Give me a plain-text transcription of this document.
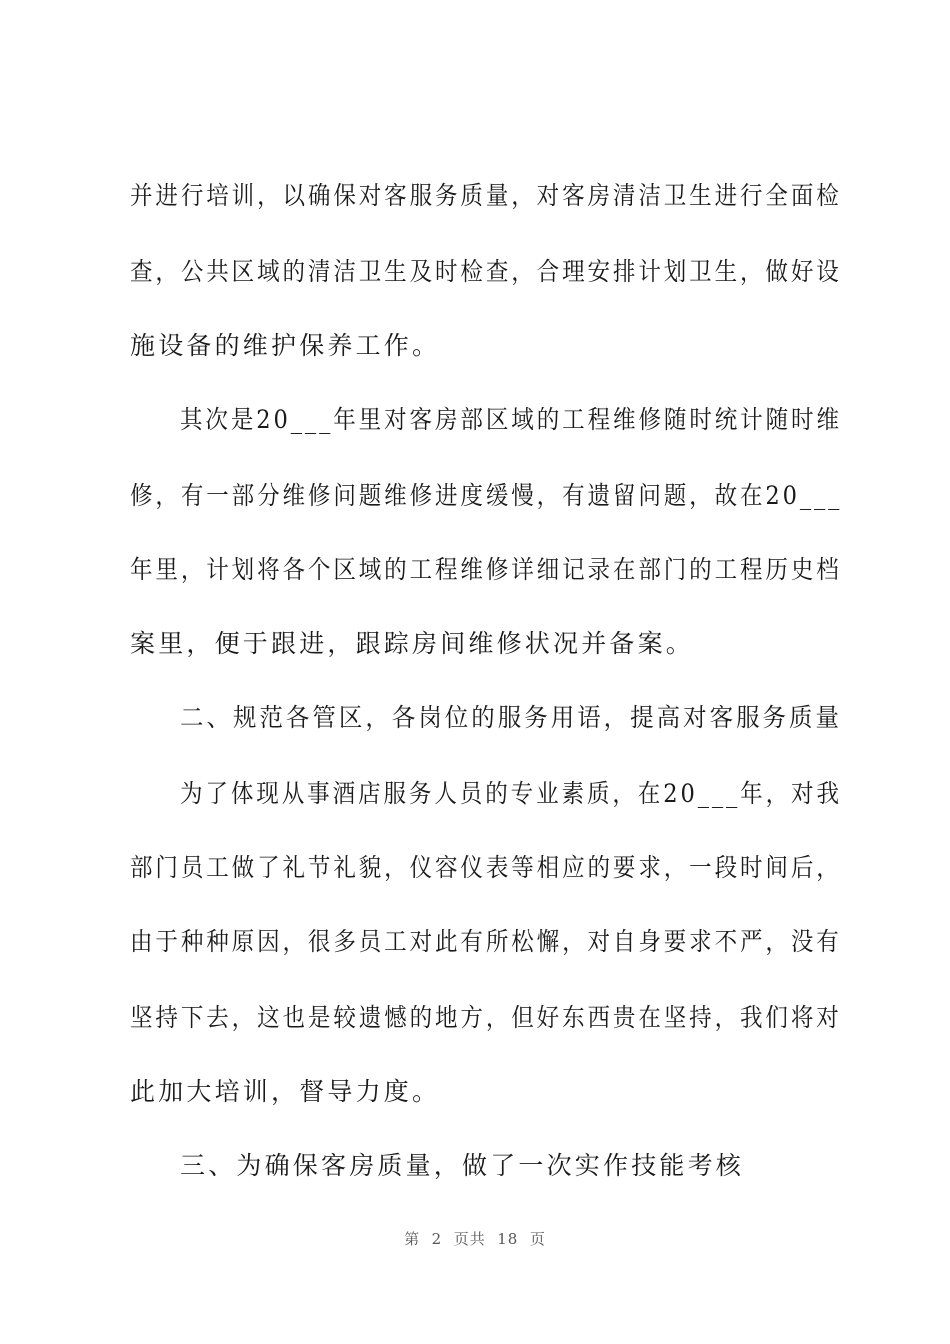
并进行培训，以确保对客服务质量，对客房清洁卫生进行全面检
查，公共区域的清洁卫生及时检查，合理安排计划卫生，做好设
施设备的维护保养工作。
其次是20___年里对客房部区域的工程维修随时统计随时维
修，有一部分维修问题维修进度缓慢，有遗留问题，故在20___
年里，计划将各个区域的工程维修详细记录在部门的工程历史档
案里，便于跟进，跟踪房间维修状况并备案。
二、规范各管区，各岗位的服务用语，提高对客服务质量
为了体现从事酒店服务人员的专业素质，在20___年，对我
部门员工做了礼节礼貌，仪容仪表等相应的要求，一段时间后，
由于种种原因，很多员工对此有所松懈，对自身要求不严，没有
坚持下去，这也是较遗憾的地方，但好东西贵在坚持，我们将对
此加大培训，督导力度。
三、为确保客房质量，做了一次实作技能考核
第  2  页共  18  页
